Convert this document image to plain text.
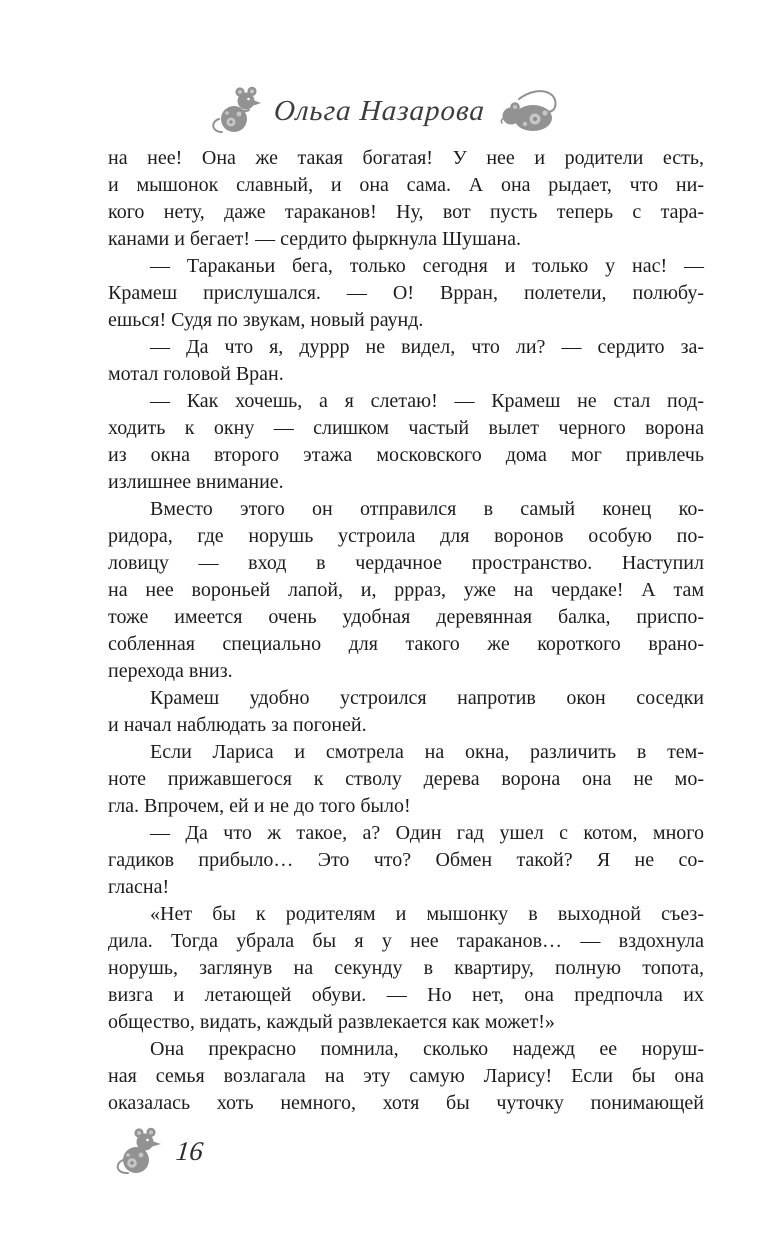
Ольга Назарова
на нее! Она же такая богатая! У нее и родители есть,
и мышонок славный, и она сама. А она рыдает, что ни-
кого нету, даже тараканов! Ну, вот пусть теперь с тара-
канами и бегает! — сердито фыркнула Шушана.
— Тараканьи бега, только сегодня и только у нас! —
Крамеш прислушался. — О! Врран, полетели, полюбу-
ешься! Судя по звукам, новый раунд.
— Да что я, дуррр не видел, что ли? — сердито за-
мотал головой Вран.
— Как хочешь, а я слетаю! — Крамеш не стал под-
ходить к окну — слишком частый вылет черного ворона
из окна второго этажа московского дома мог привлечь
излишнее внимание.
Вместо этого он отправился в самый конец ко-
ридора, где норушь устроила для воронов особую по-
ловицу — вход в чердачное пространство. Наступил
на нее вороньей лапой, и, ррраз, уже на чердаке! А там
тоже имеется очень удобная деревянная балка, приспо-
собленная специально для такого же короткого врано-
перехода вниз.
Крамеш удобно устроился напротив окон соседки
и начал наблюдать за погоней.
Если Лариса и смотрела на окна, различить в тем-
ноте прижавшегося к стволу дерева ворона она не мо-
гла. Впрочем, ей и не до того было!
— Да что ж такое, а? Один гад ушел с котом, много
гадиков прибыло… Это что? Обмен такой? Я не со-
гласна!
«Нет бы к родителям и мышонку в выходной съез-
дила. Тогда убрала бы я у нее тараканов… — вздохнула
норушь, заглянув на секунду в квартиру, полную топота,
визга и летающей обуви. — Но нет, она предпочла их
общество, видать, каждый развлекается как может!»
Она прекрасно помнила, сколько надежд ее норуш-
ная семья возлагала на эту самую Ларису! Если бы она
оказалась хоть немного, хотя бы чуточку понимающей
16
